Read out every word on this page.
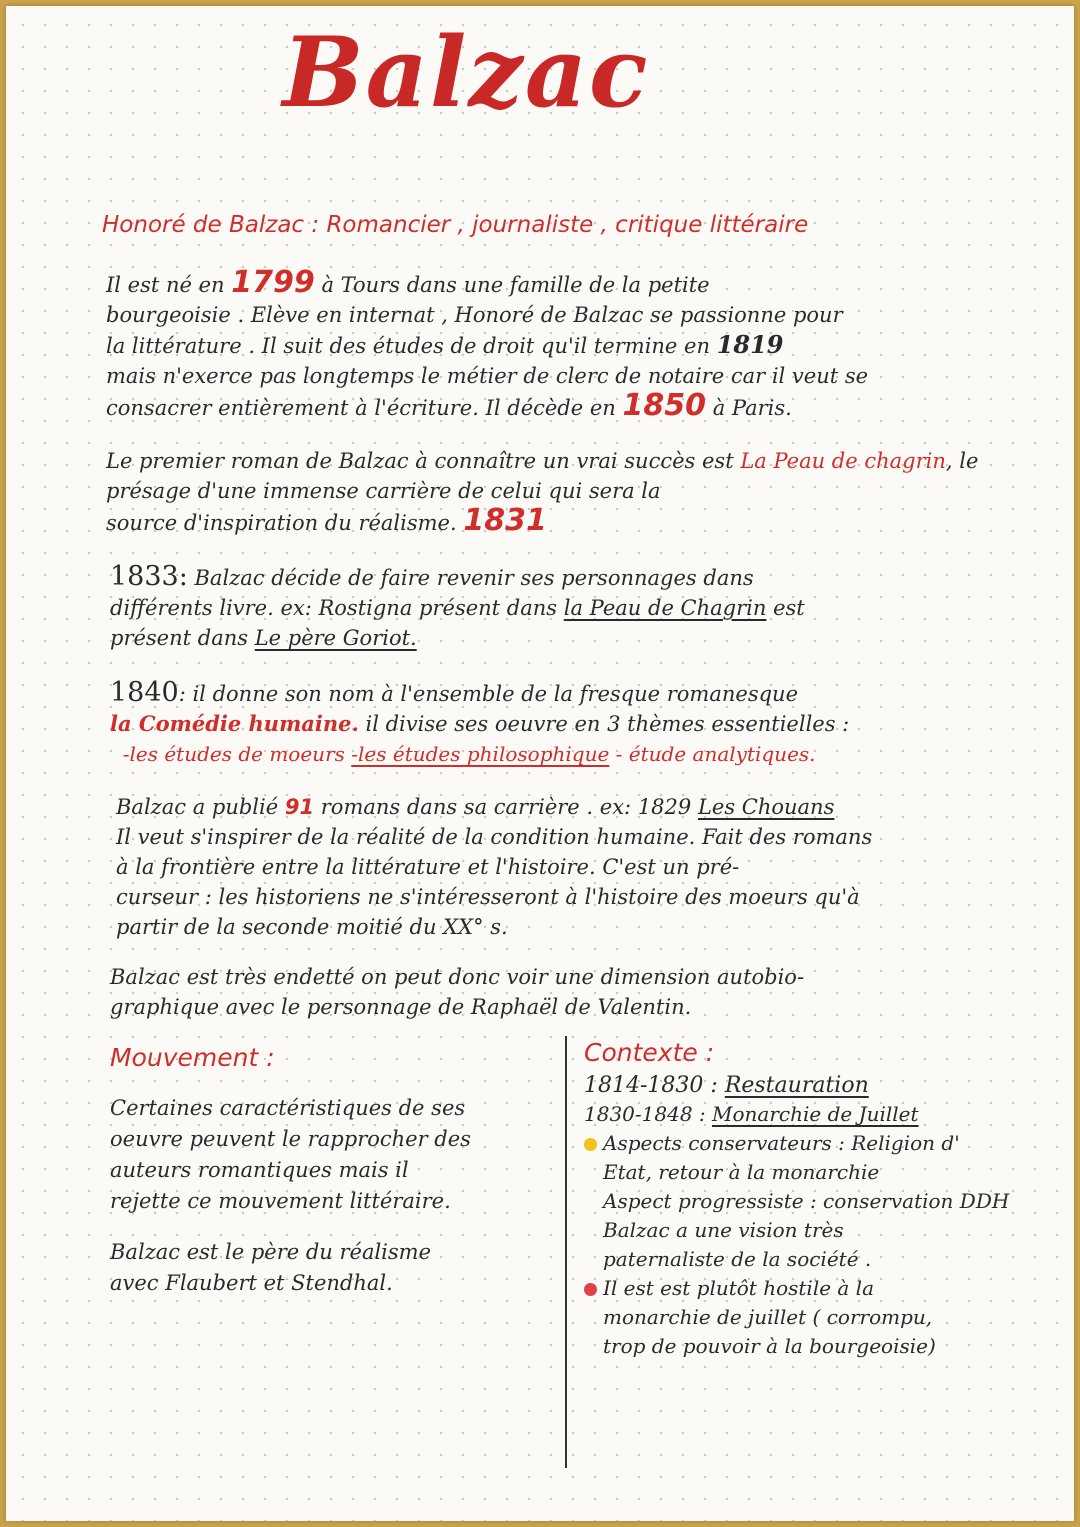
Balzac
Honoré de Balzac : Romancier , journaliste , critique littéraire
Il est né en 1799 à Tours dans une famille de la petite
bourgeoisie . Elève en internat , Honoré de Balzac se passionne pour
la littérature . Il suit des études de droit qu'il termine en 1819
mais n'exerce pas longtemps le métier de clerc de notaire car il veut se
consacrer entièrement à l'écriture. Il décède en 1850 à Paris.
Le premier roman de Balzac à connaître un vrai succès est La Peau de chagrin, le présage d'une immense carrière de celui qui sera la
source d'inspiration du réalisme. 1831
1833: Balzac décide de faire revenir ses personnages dans
différents livre. ex: Rostigna présent dans la Peau de Chagrin est
présent dans Le père Goriot.
1840: il donne son nom à l'ensemble de la fresque romanesque
la Comédie humaine. il divise ses oeuvre en 3 thèmes essentielles :
-les études de moeurs -les études philosophique - étude analytiques.
Balzac a publié 91 romans dans sa carrière . ex: 1829 Les Chouans
Il veut s'inspirer de la réalité de la condition humaine. Fait des romans
à la frontière entre la littérature et l'histoire. C'est un pré-
curseur : les historiens ne s'intéresseront à l'histoire des moeurs qu'à
partir de la seconde moitié du XX° s.
Balzac est très endetté on peut donc voir une dimension autobio-
graphique avec le personnage de Raphaël de Valentin.
Mouvement :
Certaines caractéristiques de ses
oeuvre peuvent le rapprocher des
auteurs romantiques mais il
rejette ce mouvement littéraire.
Balzac est le père du réalisme
avec Flaubert et Stendhal.
Contexte :
1814-1830 : Restauration
1830-1848 : Monarchie de Juillet
Aspects conservateurs : Religion d'
Etat, retour à la monarchie
Aspect progressiste : conservation DDH
Balzac a une vision très
paternaliste de la société .
Il est est plutôt hostile à la
monarchie de juillet ( corrompu,
trop de pouvoir à la bourgeoisie)
